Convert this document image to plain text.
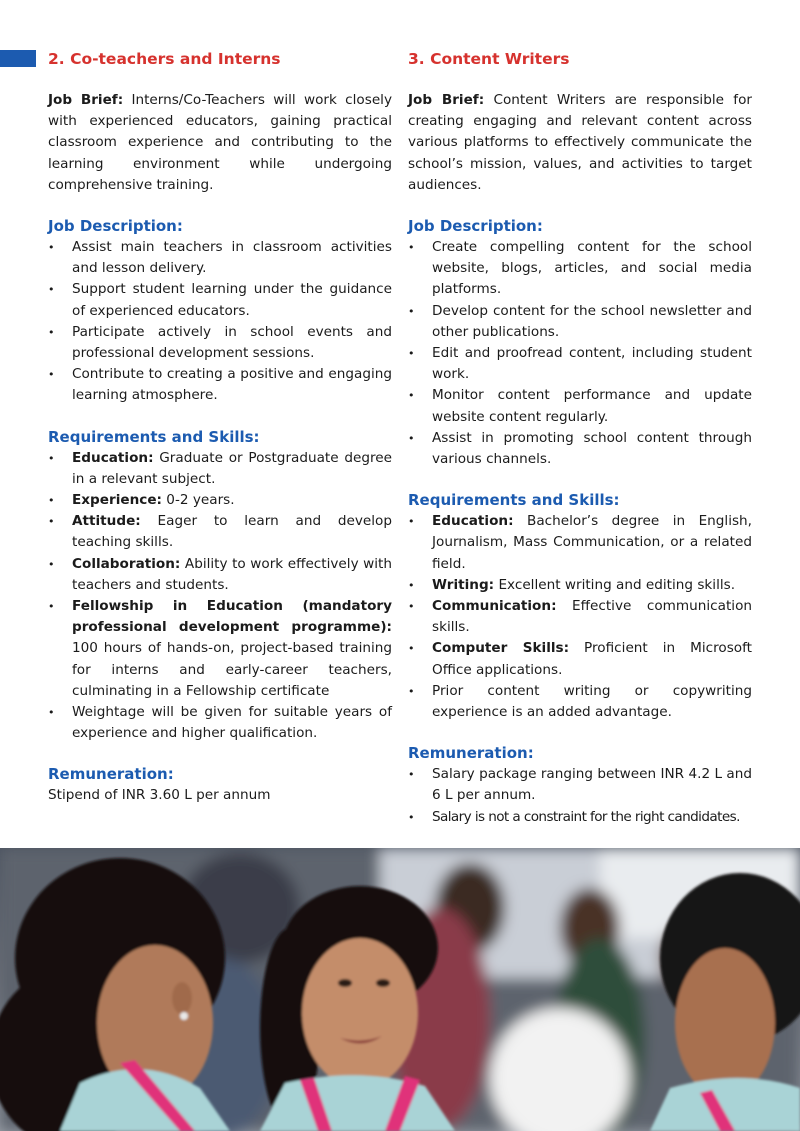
2. Co-teachers and Interns

Job Brief: Interns/Co-Teachers will work closely with experienced educators, gaining practical classroom experience and contributing to the learning environment while undergoing comprehensive training.

Job Description:
• Assist main teachers in classroom activities and lesson delivery.
• Support student learning under the guidance of experienced educators.
• Participate actively in school events and professional development sessions.
• Contribute to creating a positive and engaging learning atmosphere.
Requirements and Skills:
• Education: Graduate or Postgraduate degree in a relevant subject.
• Experience: 0-2 years.
• Attitude: Eager to learn and develop teaching skills.
• Collaboration: Ability to work effectively with teachers and students.
• Fellowship in Education (mandatory professional development programme): 100 hours of hands-on, project-based training for interns and early-career teachers, culminating in a Fellowship certificate
• Weightage will be given for suitable years of experience and higher qualification.
Remuneration:

Stipend of INR 3.60 L per annum

3. Content Writers

Job Brief: Content Writers are responsible for creating engaging and relevant content across various platforms to effectively communicate the school’s mission, values, and activities to target audiences.

Job Description:
• Create compelling content for the school website, blogs, articles, and social media platforms.
• Develop content for the school newsletter and other publications.
• Edit and proofread content, including student work.
• Monitor content performance and update website content regularly.
• Assist in promoting school content through various channels.
Requirements and Skills:
• Education: Bachelor’s degree in English, Journalism, Mass Communication, or a related field.
• Writing: Excellent writing and editing skills.
• Communication: Effective communication skills.
• Computer Skills: Proficient in Microsoft Office applications.
• Prior content writing or copywriting experience is an added advantage.
Remuneration:
• Salary package ranging between INR 4.2 L and 6 L per annum.
• Salary is not a constraint for the right candidates.
